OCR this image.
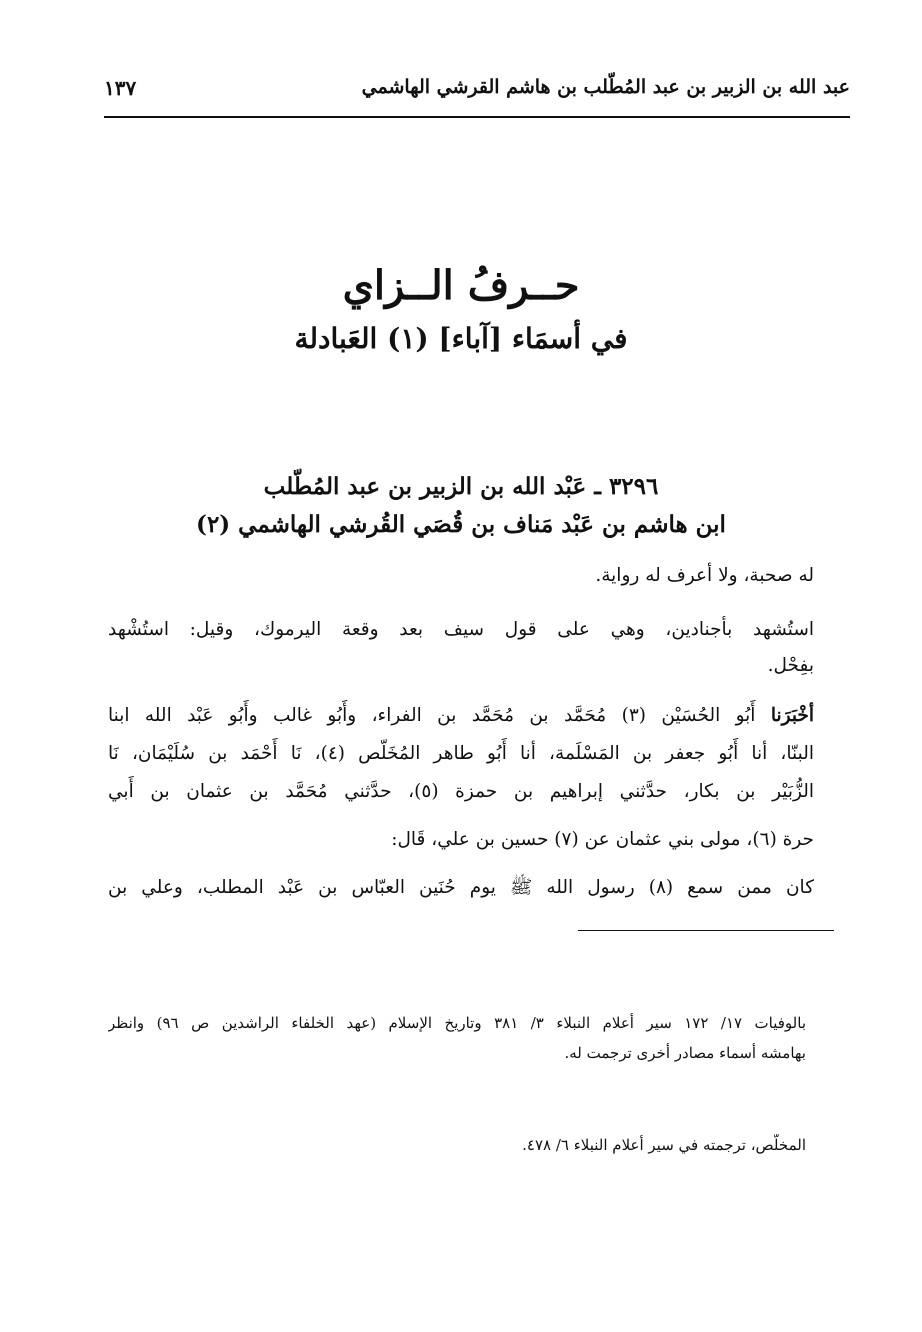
عبد الله بن الزبير بن عبد المُطّلب بن هاشم القرشي الهاشمي
١٣٧
حــرفُ الــزاي
في أسمَاء [آباء] (١) العَبادلة
٣٢٩٦ ـ عَبْد الله بن الزبير بن عبد المُطّلب
ابن هاشم بن عَبْد مَناف بن قُصَي القُرشي الهاشمي (٢)
له صحبة، ولا أعرف له رواية.
استُشهد بأجنادين، وهي على قول سيف بعد وقعة اليرموك، وقيل: استُشْهد
بفِحْل.
أخْبَرَنا أَبُو الحُسَيْن (٣) مُحَمَّد بن مُحَمَّد بن الفراء، وأَبُو غالب وأَبُو عَبْد الله ابنا
البنّا، أنا أَبُو جعفر بن المَسْلَمة، أنا أَبُو طاهر المُخَلّص (٤)، نَا أَحْمَد بن سُلَيْمَان، نَا
الزُّبَيْر بن بكار، حدَّثني إبراهيم بن حمزة (٥)، حدَّثني مُحَمَّد بن عثمان بن أَبي
حرة (٦)، مولى بني عثمان عن (٧) حسين بن علي، قَال:
كان ممن سمع (٨) رسول الله ﷺ يوم حُنَين العبّاس بن عَبْد المطلب، وعلي بن
بالوفيات ١٧/ ١٧٢ سير أعلام النبلاء ٣/ ٣٨١ وتاريخ الإسلام (عهد الخلفاء الراشدين ص ٩٦) وانظر
بهامشه أسماء مصادر أخرى ترجمت له.
المخلّص، ترجمته في سير أعلام النبلاء ٦/ ٤٧٨.
